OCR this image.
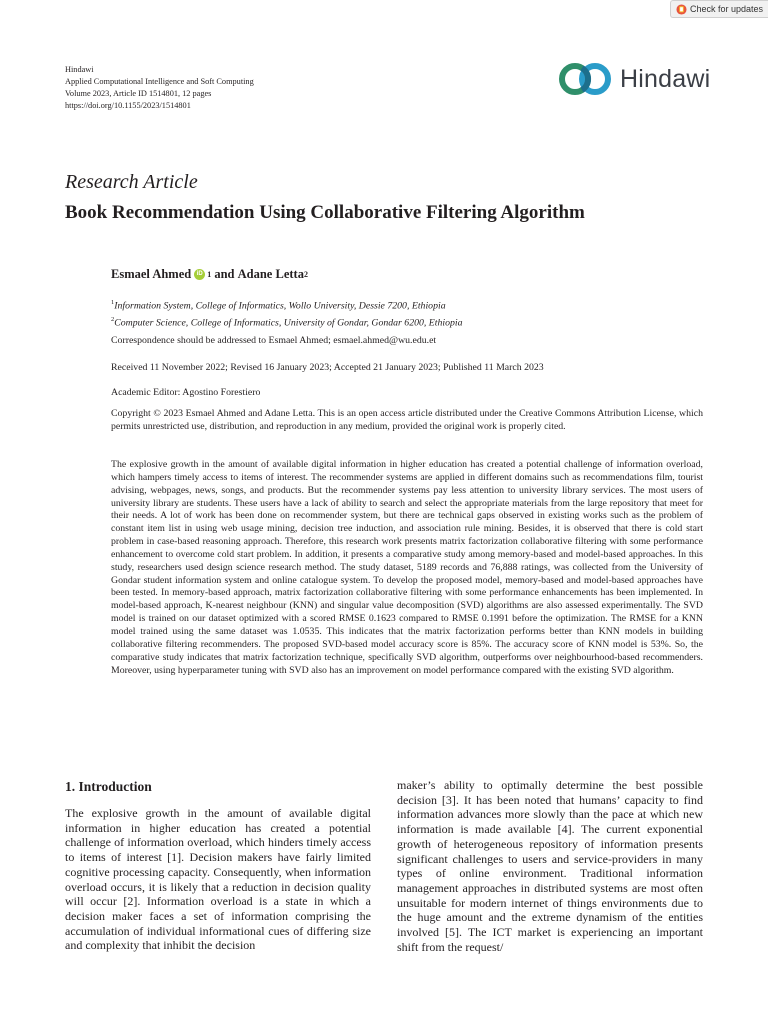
Check for updates
Hindawi
Applied Computational Intelligence and Soft Computing
Volume 2023, Article ID 1514801, 12 pages
https://doi.org/10.1155/2023/1514801
Hindawi
Research Article
Book Recommendation Using Collaborative Filtering Algorithm
Esmael Ahmed iD 1 and Adane Letta 2
$^1$Information System, College of Informatics, Wollo University, Dessie 7200, Ethiopia
$^2$Computer Science, College of Informatics, University of Gondar, Gondar 6200, Ethiopia
Correspondence should be addressed to Esmael Ahmed; esmael.ahmed@wu.edu.et
Received 11 November 2022; Revised 16 January 2023; Accepted 21 January 2023; Published 11 March 2023
Academic Editor: Agostino Forestiero
Copyright © 2023 Esmael Ahmed and Adane Letta. This is an open access article distributed under the Creative Commons Attribution License, which permits unrestricted use, distribution, and reproduction in any medium, provided the original work is properly cited.
The explosive growth in the amount of available digital information in higher education has created a potential challenge of information overload, which hampers timely access to items of interest. The recommender systems are applied in different domains such as recommendations film, tourist advising, webpages, news, songs, and products. But the recommender systems pay less attention to university library services. The most users of university library are students. These users have a lack of ability to search and select the appropriate materials from the large repository that meet for their needs. A lot of work has been done on recommender system, but there are technical gaps observed in existing works such as the problem of constant item list in using web usage mining, decision tree induction, and association rule mining. Besides, it is observed that there is cold start problem in case-based reasoning approach. Therefore, this research work presents matrix factorization collaborative filtering with some performance enhancement to overcome cold start problem. In addition, it presents a comparative study among memory-based and model-based approaches. In this study, researchers used design science research method. The study dataset, 5189 records and 76,888 ratings, was collected from the University of Gondar student information system and online catalogue system. To develop the proposed model, memory-based and model-based approaches have been tested. In memory-based approach, matrix factorization collaborative filtering with some performance enhancements has been implemented. In model-based approach, K-nearest neighbour (KNN) and singular value decomposition (SVD) algorithms are also assessed experimentally. The SVD model is trained on our dataset optimized with a scored RMSE 0.1623 compared to RMSE 0.1991 before the optimization. The RMSE for a KNN model trained using the same dataset was 1.0535. This indicates that the matrix factorization performs better than KNN models in building collaborative filtering recommenders. The proposed SVD-based model accuracy score is 85%. The accuracy score of KNN model is 53%. So, the comparative study indicates that matrix factorization technique, specifically SVD algorithm, outperforms over neighbourhood-based recommenders. Moreover, using hyperparameter tuning with SVD also has an improvement on model performance compared with the existing SVD algorithm.
1. Introduction
The explosive growth in the amount of available digital information in higher education has created a potential challenge of information overload, which hinders timely access to items of interest [1]. Decision makers have fairly limited cognitive processing capacity. Consequently, when information overload occurs, it is likely that a reduction in decision quality will occur [2]. Information overload is a state in which a decision maker faces a set of information comprising the accumulation of individual informational cues of differing size and complexity that inhibit the decision
maker’s ability to optimally determine the best possible decision [3]. It has been noted that humans’ capacity to find information advances more slowly than the pace at which new information is made available [4]. The current exponential growth of heterogeneous repository of information presents significant challenges to users and service-providers in many types of online environment. Traditional information management approaches in distributed systems are most often unsuitable for modern internet of things environments due to the huge amount and the extreme dynamism of the entities involved [5]. The ICT market is experiencing an important shift from the request/
